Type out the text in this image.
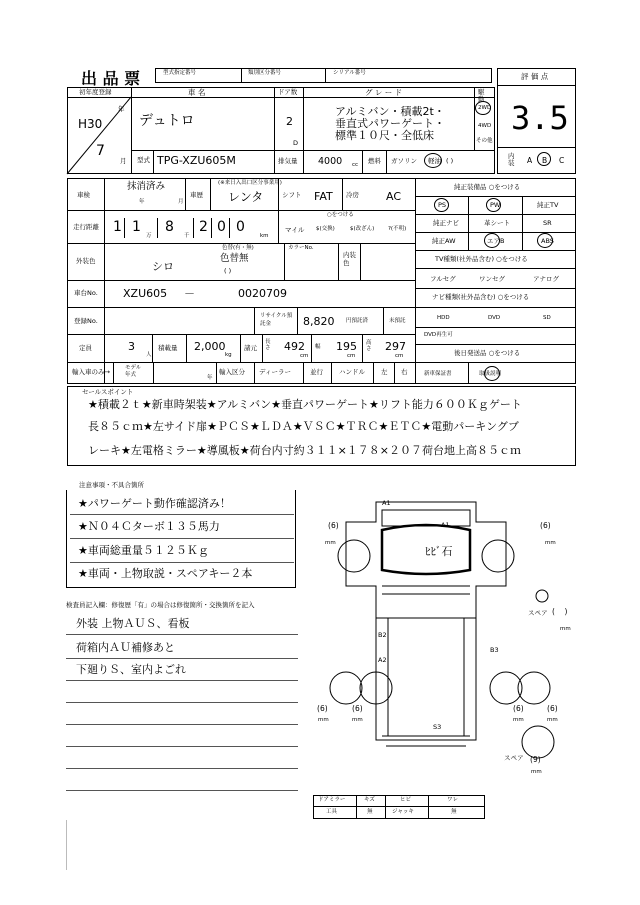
出 品 票	型式指定番号	類別区分番号	シリアル番号	評 価 点
3.5
内装 A B C
初年度登録
H30
年
7
月
車 名
デュトロ
ドア数
2
D
グ レ ー ド
アルミバン・積載2t・
垂直式パワーゲート・
標準１０尺・全低床
駆動
2WD
4WD
その他
型式 TPG-XZU605M	排気量 4000 cc 燃料 ガソリン 軽油 ( )
車検
抹消済み
年	月
車歴
(※来日入出口区分事業用)
レンタ	シフト FAT 冷房 AC
走行距離 1 1
万
8
千
2 0 0
km
○をつける
マイル $(交換)	$(改ざん)	?(不明)
外装色
色替(有・無)
色替無
( )
シロ
カラーNo.
内装色
車台No. XZU605 －	0020709
登録No.
リサイクル預託金	8,820 円預託済	未預託
定員	3
人
積載量 2,000
kg
諸元
長さ 492
cm
幅 195
cm
高さ 297
cm
輸入車のみ→	モデル年式	年
輸入区分 ディーラー	並行 ハンドル 左 右
純正装備品 ○をつける
PS	PW	純正TV
純正ナビ	革シート	SR
純正AW	エアB	ABS
TV種類(社外品含む) ○をつける
フルセグ	ワンセグ	アナログ
ナビ種類(社外品含む) ○をつける
HDD	DVD	SD
DVD再生可
後日発送品 ○をつける
新車保証書	取扱説明
セールスポイント
★積載２ｔ★新車時架装★アルミバン★垂直パワーゲート★リフト能力６００Ｋｇゲート
長８５ｃｍ★左サイド扉★ＰＣＳ★ＬＤＡ★ＶＳＣ★ＴＲＣ★ＥＴＣ★電動パーキングブ
レーキ★左電格ミラー★導風板★荷台内寸約３１１×１７８×２０７荷台地上高８５ｃｍ
注意事項・不具合箇所
★パワーゲート動作確認済み！
★Ｎ０４Ｃターボ１３５馬力
★車両総重量５１２５Ｋｇ
★車両・上物取説・スペアキー２本
検査員記入欄：修復歴「有」の場合は修復箇所・交換箇所を記入
外装 上物ＡＵＳ、看板
荷箱内ＡＵ補修あと
下廻りＳ、室内よごれ
A1
A1
ﾋﾋﾞ石
B2
A2
B3
S3
(6)
mm
(6)
mm
スペア ( )
mm
(6)
mm
(6)
mm
(6)
mm
(6)
mm
スペア (9)
mm
ドアミラー	キズ	ヒビ	ワレ
工具	無	ジャッキ	無
